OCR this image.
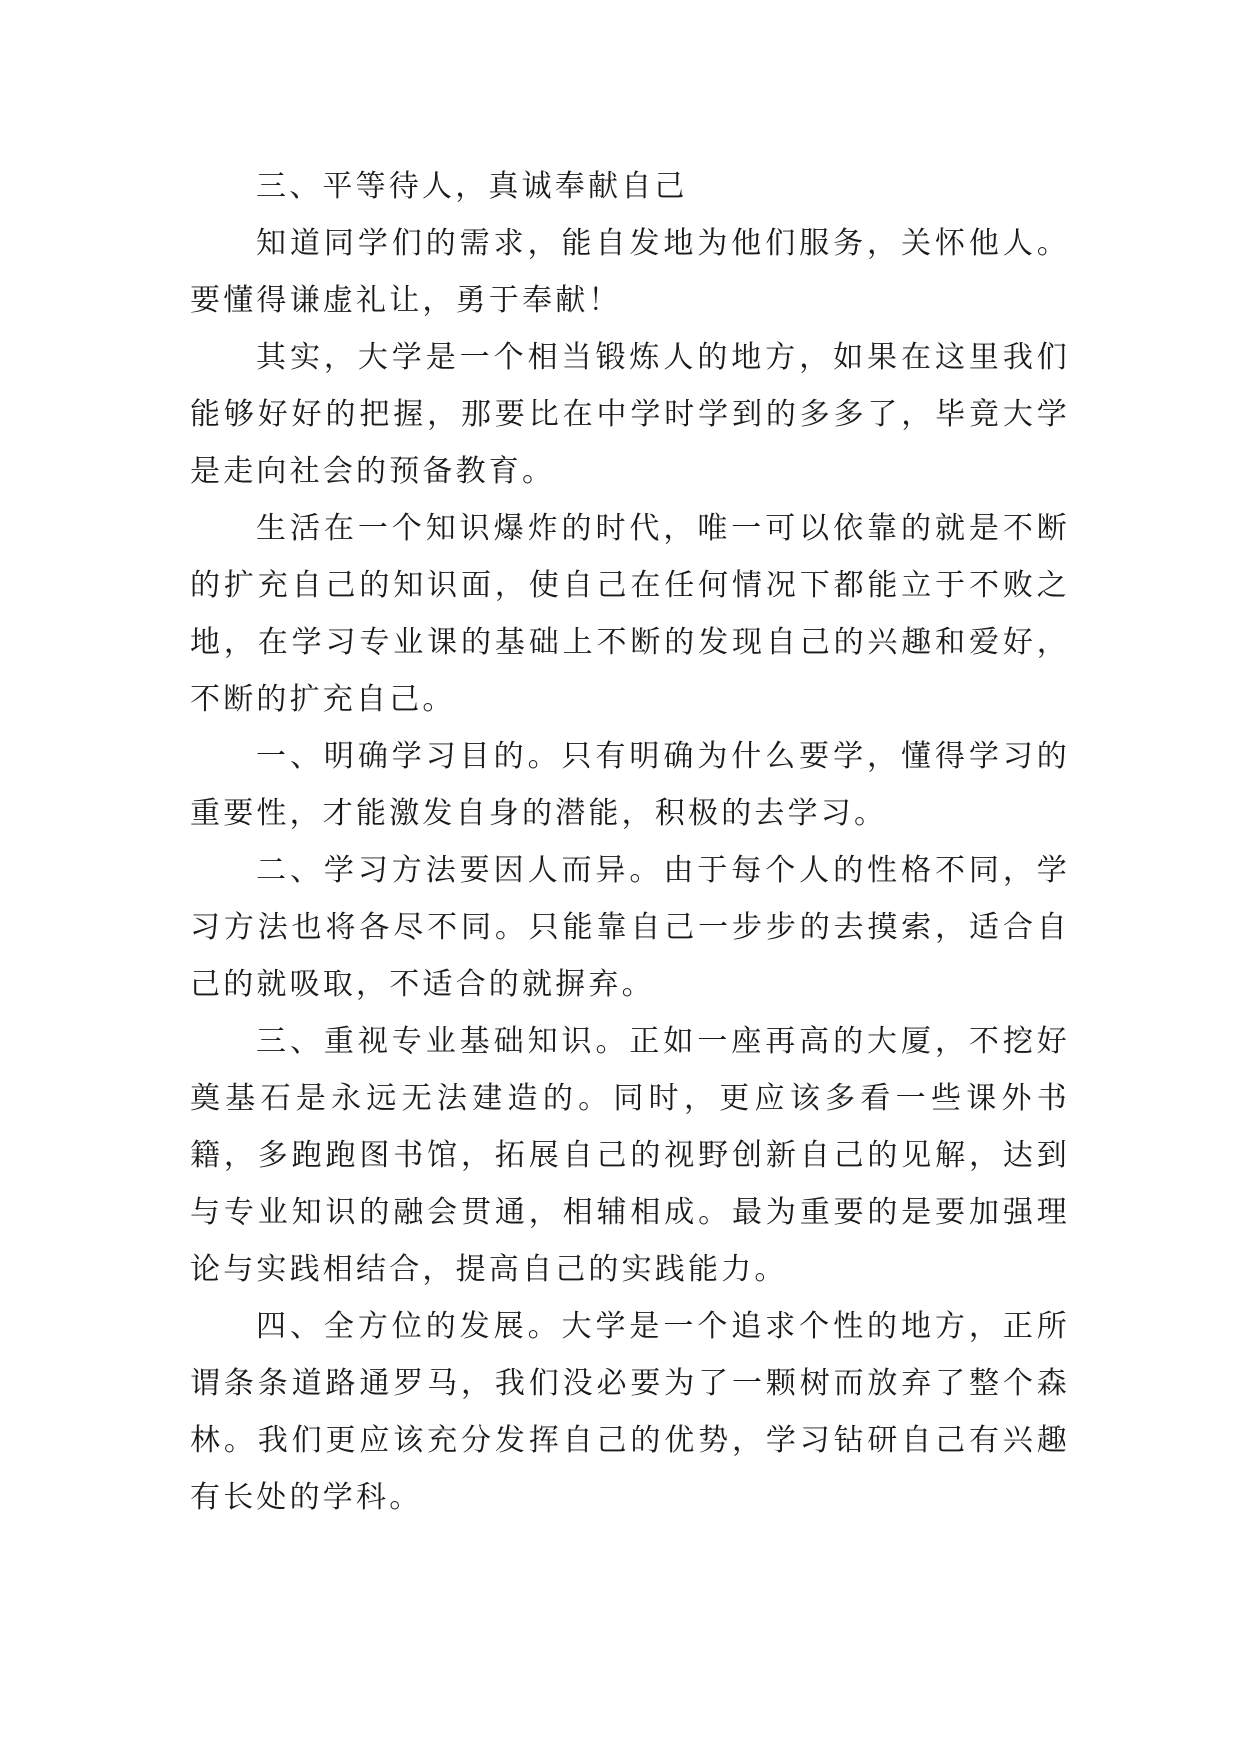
三、平等待人，真诚奉献自己

知道同学们的需求，能自发地为他们服务，关怀他人。要懂得谦虚礼让，勇于奉献！

其实，大学是一个相当锻炼人的地方，如果在这里我们能够好好的把握，那要比在中学时学到的多多了，毕竟大学是走向社会的预备教育。

生活在一个知识爆炸的时代，唯一可以依靠的就是不断的扩充自己的知识面，使自己在任何情况下都能立于不败之地，在学习专业课的基础上不断的发现自己的兴趣和爱好，不断的扩充自己。

一、明确学习目的。只有明确为什么要学，懂得学习的重要性，才能激发自身的潜能，积极的去学习。

二、学习方法要因人而异。由于每个人的性格不同，学习方法也将各尽不同。只能靠自己一步步的去摸索，适合自己的就吸取，不适合的就摒弃。

三、重视专业基础知识。正如一座再高的大厦，不挖好奠基石是永远无法建造的。同时，更应该多看一些课外书籍，多跑跑图书馆，拓展自己的视野创新自己的见解，达到与专业知识的融会贯通，相辅相成。最为重要的是要加强理论与实践相结合，提高自己的实践能力。

四、全方位的发展。大学是一个追求个性的地方，正所谓条条道路通罗马，我们没必要为了一颗树而放弃了整个森林。我们更应该充分发挥自己的优势，学习钻研自己有兴趣有长处的学科。
